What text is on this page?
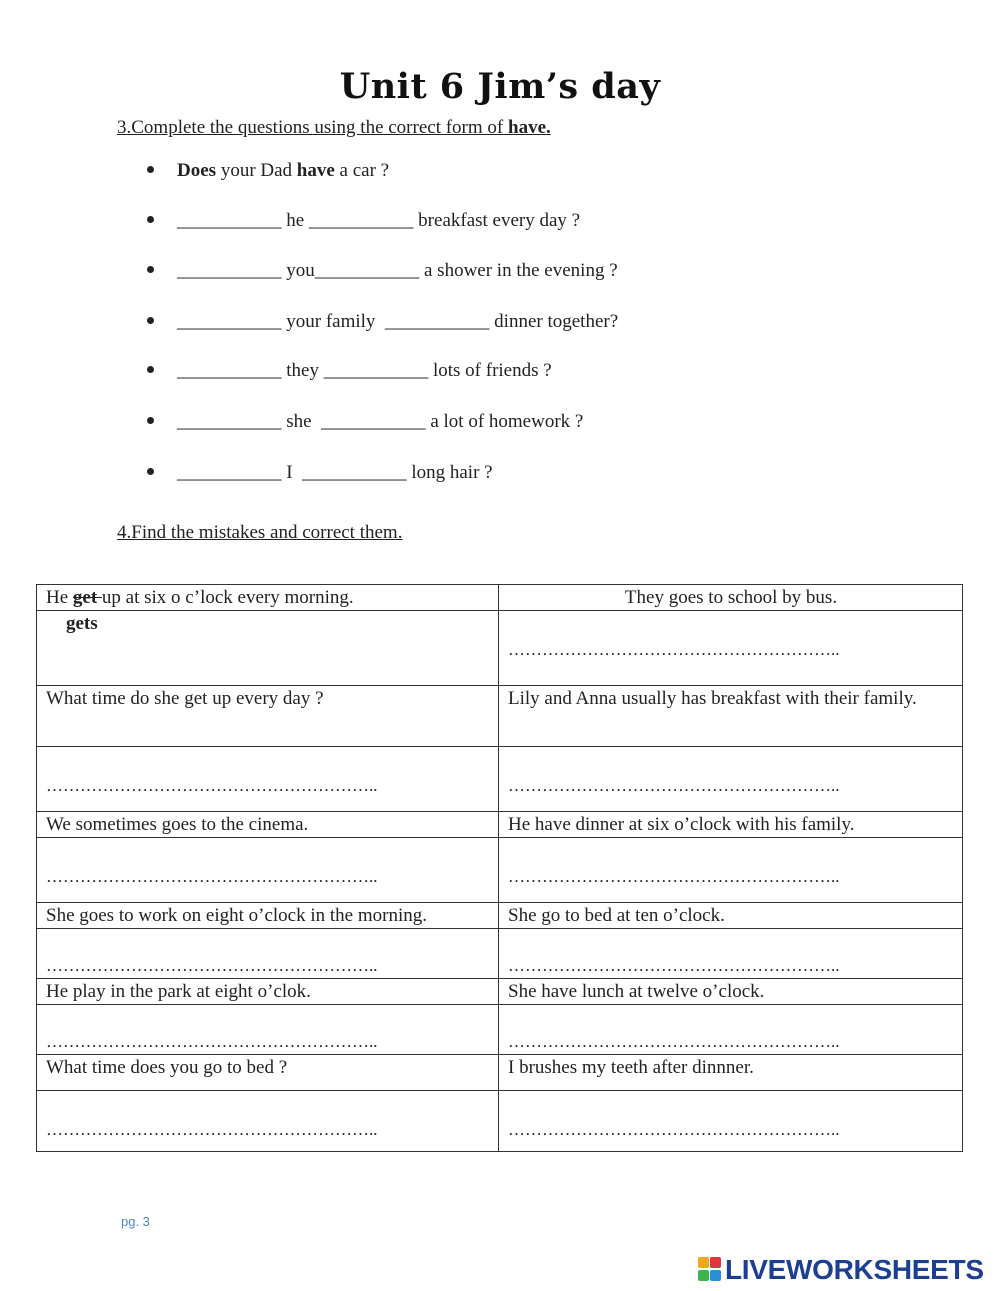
Unit 6 Jim’s day
3.Complete the questions using the correct form of have.

Does your Dad have a car ?

___________ he ___________ breakfast every day ?

___________ you___________ a shower in the evening ?

___________ your family  ___________ dinner together?

___________ they ___________ lots of friends ?

___________ she  ___________ a lot of homework ?

___________ I  ___________ long hair ?

4.Find the mistakes and correct them.
He get up at six o c’lock every morning.	They goes to school by bus.

gets	…………………………………………………..

What time do she get up every day ?	Lily and Anna usually has breakfast with their family.

…………………………………………………..	…………………………………………………..

We sometimes goes to the cinema.	He have dinner at six o’clock with his family.

…………………………………………………..	…………………………………………………..

She goes to work on eight o’clock in the morning.	She go to bed at ten o’clock.

…………………………………………………..	…………………………………………………..

He play in the park at eight o’clok.	She have lunch at twelve o’clock.

…………………………………………………..	…………………………………………………..

What time does you go to bed ?	I brushes my teeth after dinnner.

…………………………………………………..	…………………………………………………..
pg. 3
LIVEWORKSHEETS
